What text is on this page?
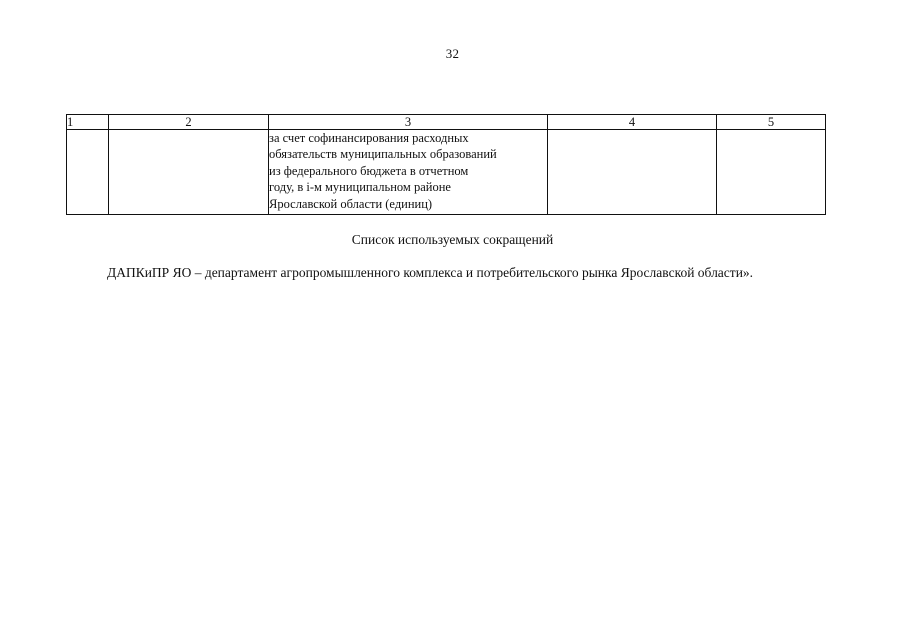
32
1	2	3	4	5

		за счет софинансирования расходных
обязательств муниципальных образований
из федерального бюджета в отчетном
году, в i-м муниципальном районе
Ярославской области (единиц)		

Список используемых сокращений
ДАПКиПР ЯО – департамент агропромышленного комплекса и потребительского рынка Ярославской области».
